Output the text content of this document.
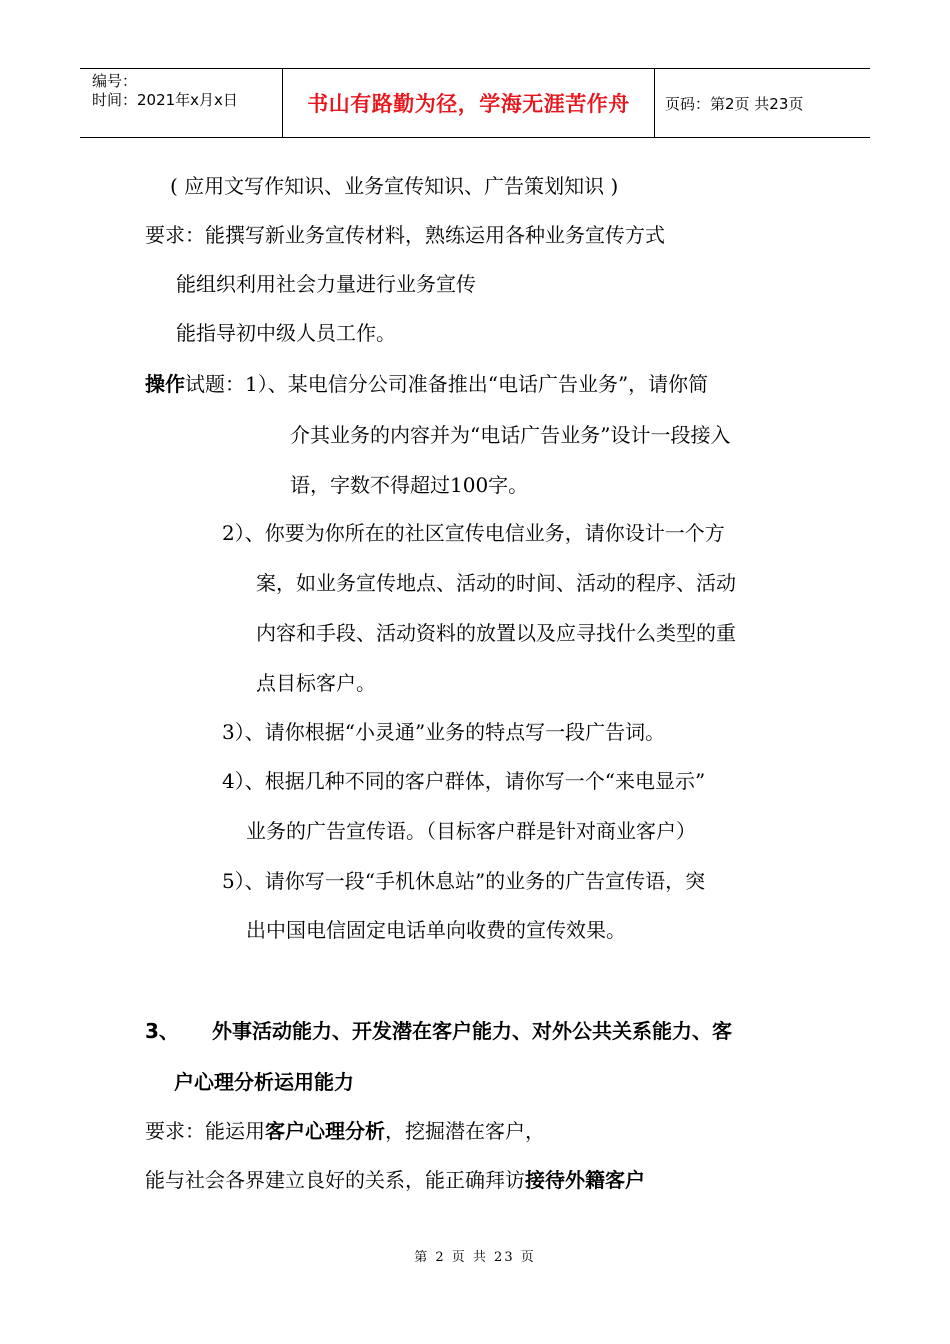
编号：
时间：2021年x月x日	书山有路勤为径，学海无涯苦作舟 页码：第2页 共23页
( 应用文写作知识、业务宣传知识、广告策划知识 )
要求：能撰写新业务宣传材料，熟练运用各种业务宣传方式
能组织利用社会力量进行业务宣传
能指导初中级人员工作。
操作试题：1）、某电信分公司准备推出“电话广告业务”，请你简
介其业务的内容并为“电话广告业务”设计一段接入
语，字数不得超过100字。
2）、你要为你所在的社区宣传电信业务，请你设计一个方
案，如业务宣传地点、活动的时间、活动的程序、活动
内容和手段、活动资料的放置以及应寻找什么类型的重
点目标客户。
3）、请你根据“小灵通”业务的特点写一段广告词。
4）、根据几种不同的客户群体，请你写一个“来电显示”
业务的广告宣传语。（目标客户群是针对商业客户）
5）、请你写一段“手机休息站”的业务的广告宣传语，突
出中国电信固定电话单向收费的宣传效果。
3、 外事活动能力、开发潜在客户能力、对外公共关系能力、客
户心理分析运用能力
要求：能运用客户心理分析，挖掘潜在客户，
能与社会各界建立良好的关系，能正确拜访接待外籍客户
第 2 页 共 23 页
